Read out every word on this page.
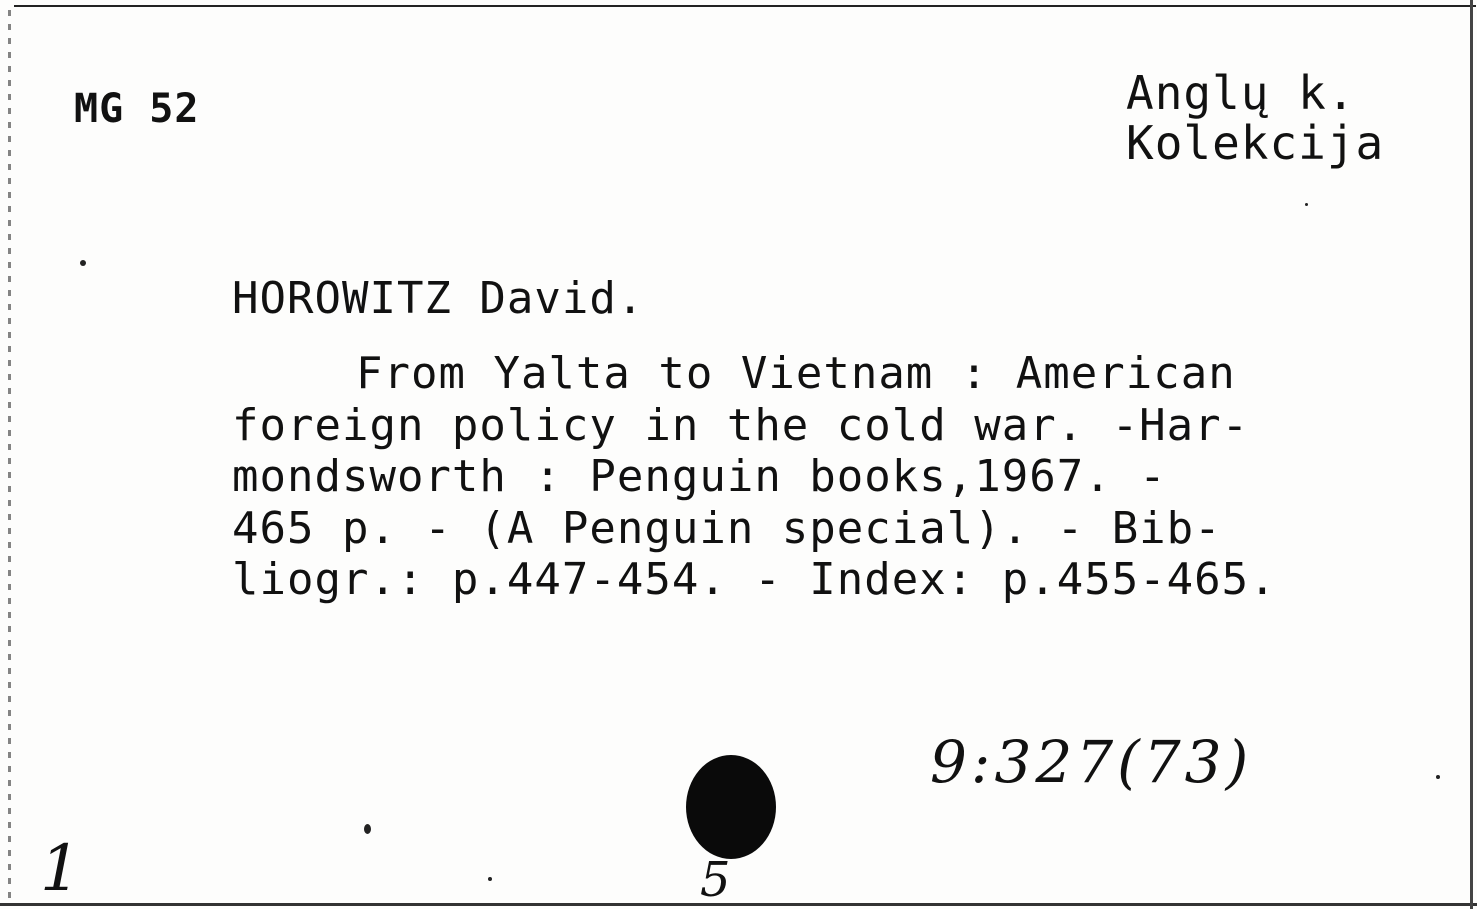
MG 52	Anglų k.
Kolekcija
HOROWITZ David.
From Yalta to Vietnam : American
foreign policy in the cold war. -Har-
mondsworth : Penguin books,1967. -
465 p. - (A Penguin special). - Bib-
liogr.: p.447-454. - Index: p.455-465.
9:327(73)
1	5
